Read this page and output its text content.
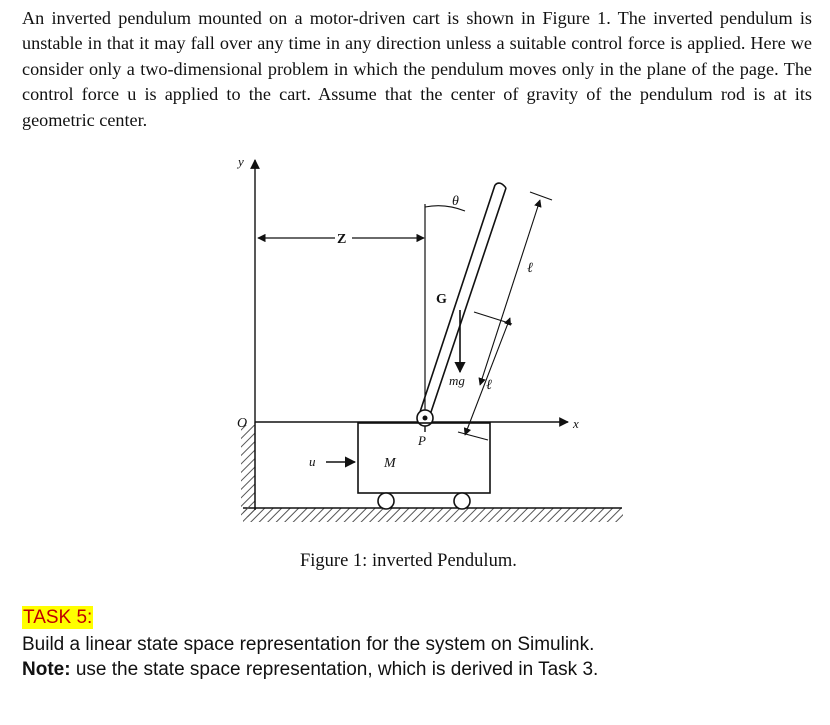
An inverted pendulum mounted on a motor-driven cart is shown in Figure 1. The inverted pendulum is unstable in that it may fall over any time in any direction unless a suitable control force is applied. Here we consider only a two-dimensional problem in which the pendulum moves only in the plane of the page. The control force u is applied to the cart. Assume that the center of gravity of the pendulum rod is at its geometric center.

y
x
O
Z
θ
G
mg
ℓ
ℓ
P
u	M

Figure 1: inverted Pendulum.

TASK 5:
Build a linear state space representation for the system on Simulink.
Note: use the state space representation, which is derived in Task 3.
